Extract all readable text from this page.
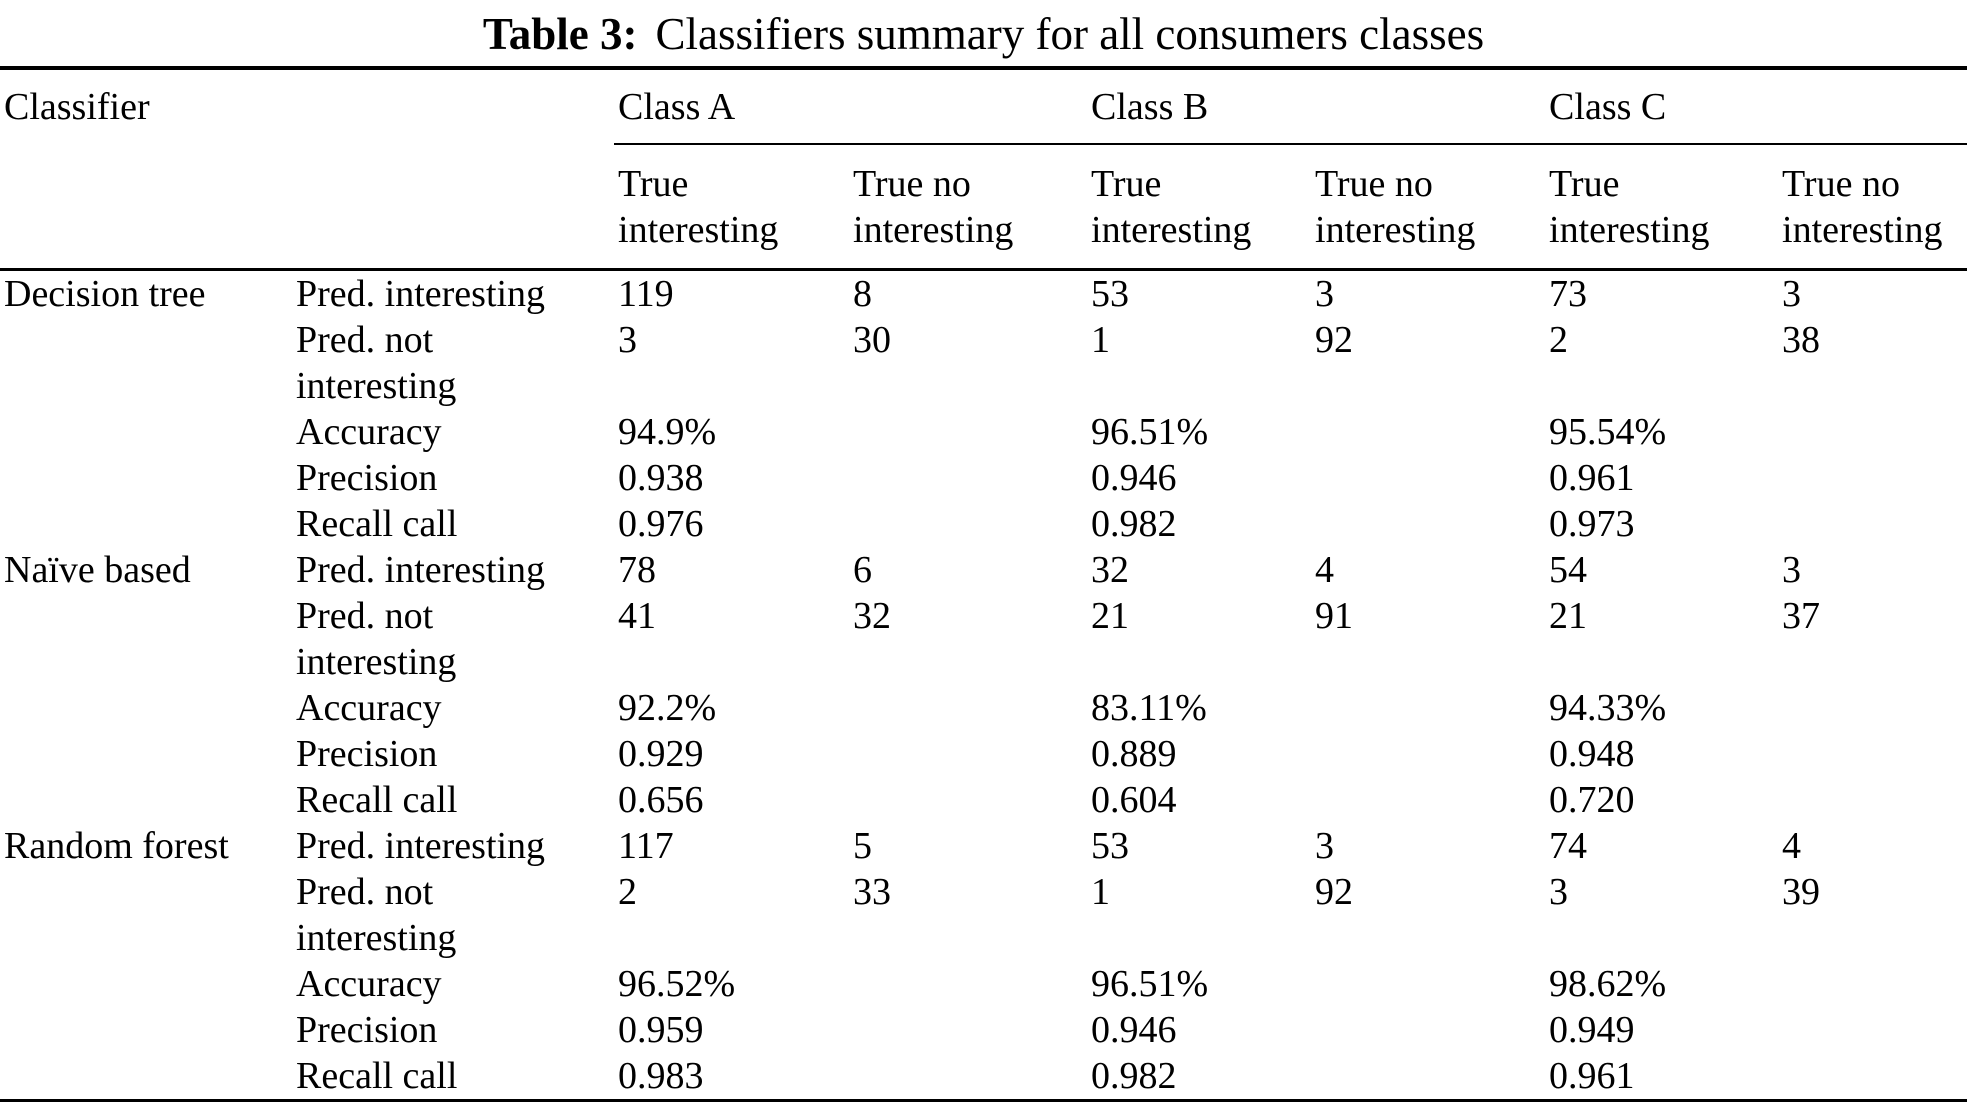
Table 3: Classifiers summary for all consumers classes
Classifier		Class A		Class B		Class C	
		True interesting	True no interesting	True interesting	True no interesting	True interesting	True no interesting
Decision tree	Pred. interesting	119	8	53	3	73	3
	Pred. not interesting	3	30	1	92	2	38
	Accuracy	94.9%		96.51%		95.54%	
	Precision	0.938		0.946		0.961	
	Recall call	0.976		0.982		0.973	
Naïve based	Pred. interesting	78	6	32	4	54	3
	Pred. not interesting	41	32	21	91	21	37
	Accuracy	92.2%		83.11%		94.33%	
	Precision	0.929		0.889		0.948	
	Recall call	0.656		0.604		0.720	
Random forest	Pred. interesting	117	5	53	3	74	4
	Pred. not interesting	2	33	1	92	3	39
	Accuracy	96.52%		96.51%		98.62%	
	Precision	0.959		0.946		0.949	
	Recall call	0.983		0.982		0.961	
